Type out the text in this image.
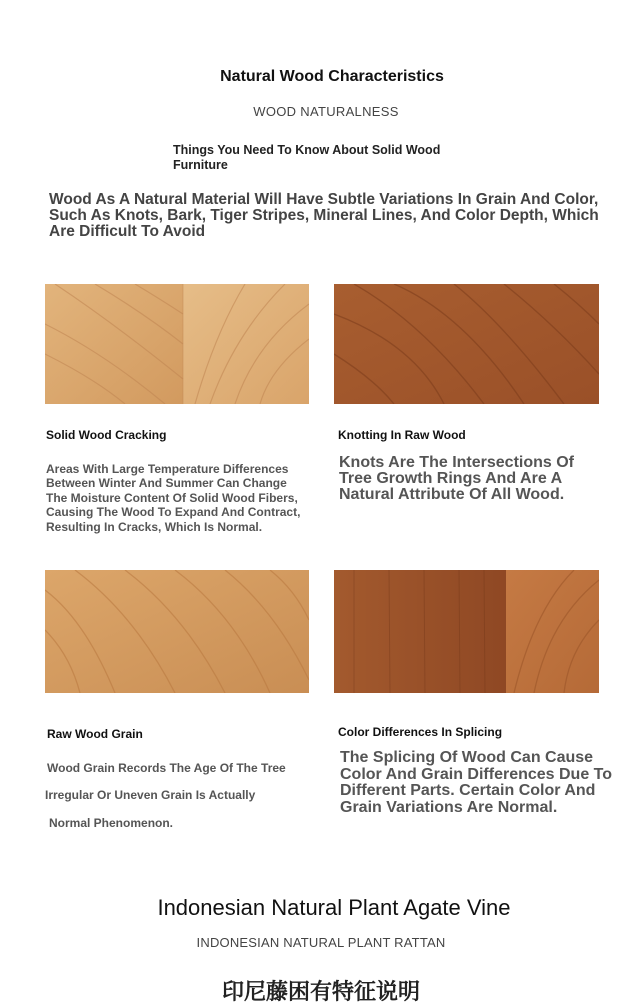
Natural Wood Characteristics
WOOD NATURALNESS
Things You Need To Know About Solid Wood Furniture
Wood As A Natural Material Will Have Subtle Variations In Grain And Color, Such As Knots, Bark, Tiger Stripes, Mineral Lines, And Color Depth, Which Are Difficult To Avoid
Solid Wood Cracking
Areas With Large Temperature Differences Between Winter And Summer Can Change The Moisture Content Of Solid Wood Fibers, Causing The Wood To Expand And Contract, Resulting In Cracks, Which Is Normal.
Knotting In Raw Wood
Knots Are The Intersections Of Tree Growth Rings And Are A Natural Attribute Of All Wood.
Raw Wood Grain
Wood Grain Records The Age Of The Tree
Irregular Or Uneven Grain Is Actually
Normal Phenomenon.
Color Differences In Splicing
The Splicing Of Wood Can Cause Color And Grain Differences Due To Different Parts. Certain Color And Grain Variations Are Normal.
Indonesian Natural Plant Agate Vine
INDONESIAN NATURAL PLANT RATTAN
印尼藤困有特征说明
